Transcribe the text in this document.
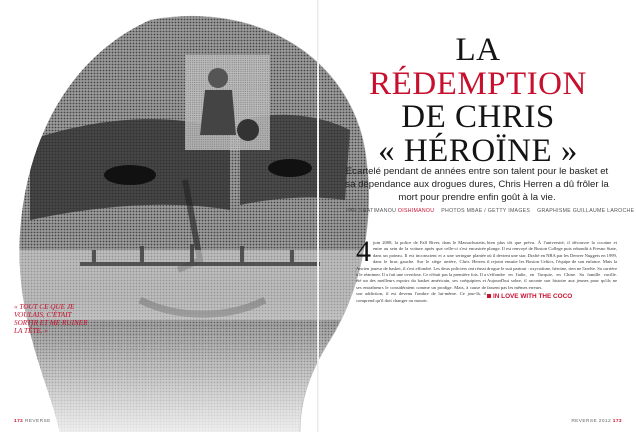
LA
RÉDEMPTION
DE CHRIS
« HÉROÏNE »
Ecartelé pendant de années entre son talent pour le basket et sa dépendance aux drogues dures, Chris Herren a dû frôler la mort pour prendre enfin goût à la vie.
PAR SHATIMANOU OISHIMANOU PHOTOS MBAE / GETTY IMAGES GRAPHISME GUILLAUME LAROCHE
4 juin 2008, la police de Fall River, dans le Massachusetts, entre au sein de la voiture après que celle-ci s'est encastrée dans un poteau. Il est inconscient et a une seringue plantée dans le bras gauche. Sur le siège arrière, Chris Herren. Ancien joueur de basket, il s'est effondré. Les deux policiers ont réussi à le réanimer. Il a fait une overdose. Ce n'était pas la première fois. Il a été un des meilleurs espoirs du basket américain, ses coéquipiers et ses entraîneurs le considéraient comme un prodige. Mais, à cause de son addiction, il est devenu l'ombre de lui-même. Ce jour-là, il comprend qu'il doit changer ou mourir.

bien plus tôt que prévu. À l'université, il découvre la cocaïne et plonge. Il est renvoyé de Boston College puis rebondit à Fresno State, où il devient une star. Drafté en NBA par les Denver Nuggets en 1999, il rejoint ensuite les Boston Celtics, l'équipe de son enfance. Mais la drogue le suit partout : oxycodone, héroïne, rien ne l'arrête. Sa carrière s'effondre en Italie, en Turquie, en Chine. Sa famille vacille. Aujourd'hui sobre, il raconte son histoire aux jeunes pour qu'ils ne fassent pas les mêmes erreurs.

IN LOVE WITH THE COCO
« TOUT CE QUE JE VOULAIS, C'ÉTAIT SORTIR ET ME RUINER LA TÊTE. »
172 REVERSE	REVERSE 2012 173
